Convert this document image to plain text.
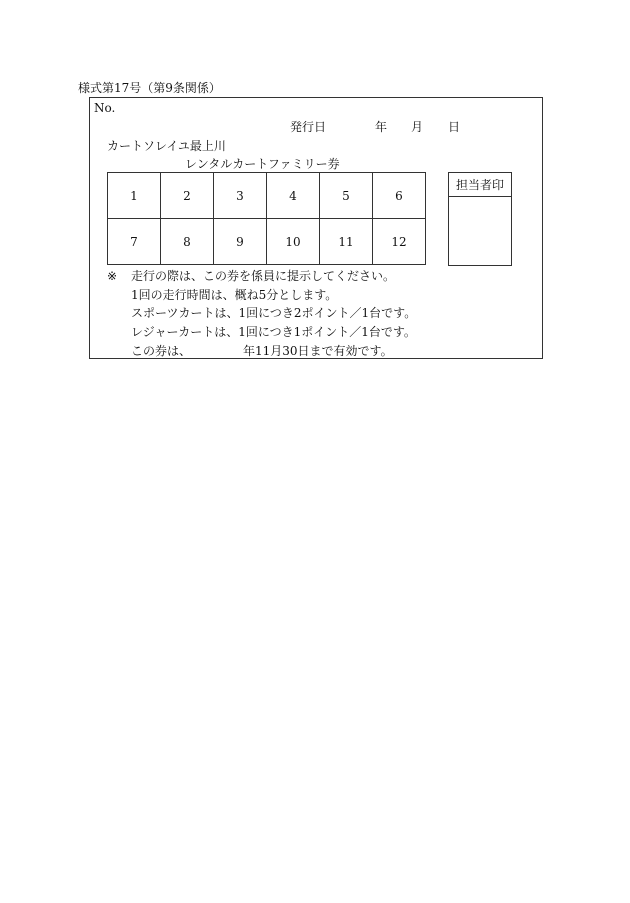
様式第17号（第9条関係）
No.
発行日	年 月 日
カートソレイユ最上川
レンタルカートファミリー券
1	2	3	4	5	6
7	8	9	10	11	12
担当者印
※ 走行の際は、この券を係員に提示してください。
1回の走行時間は、概ね5分とします。
スポーツカートは、1回につき2ポイント／1台です。
レジャーカートは、1回につき1ポイント／1台です。
この券は、	年11月30日まで有効です。
